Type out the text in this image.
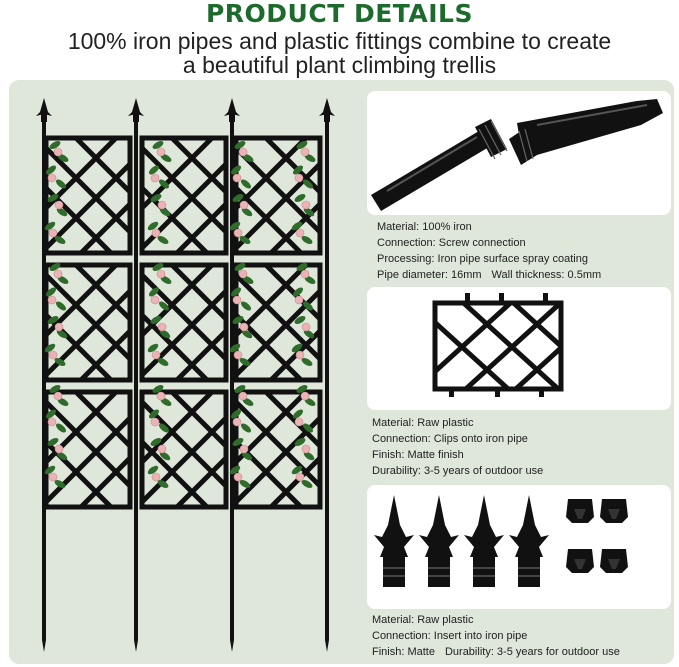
PRODUCT DETAILS
100% iron pipes and plastic fittings combine to create
a beautiful plant climbing trellis
Material: 100% iron
Connection: Screw connection
Processing: Iron pipe surface spray coating
Pipe diameter: 16mm Wall thickness: 0.5mm
Material: Raw plastic
Connection: Clips onto iron pipe
Finish: Matte finish
Durability: 3-5 years of outdoor use
Material: Raw plastic
Connection: Insert into iron pipe
Finish: Matte Durability: 3-5 years for outdoor use
